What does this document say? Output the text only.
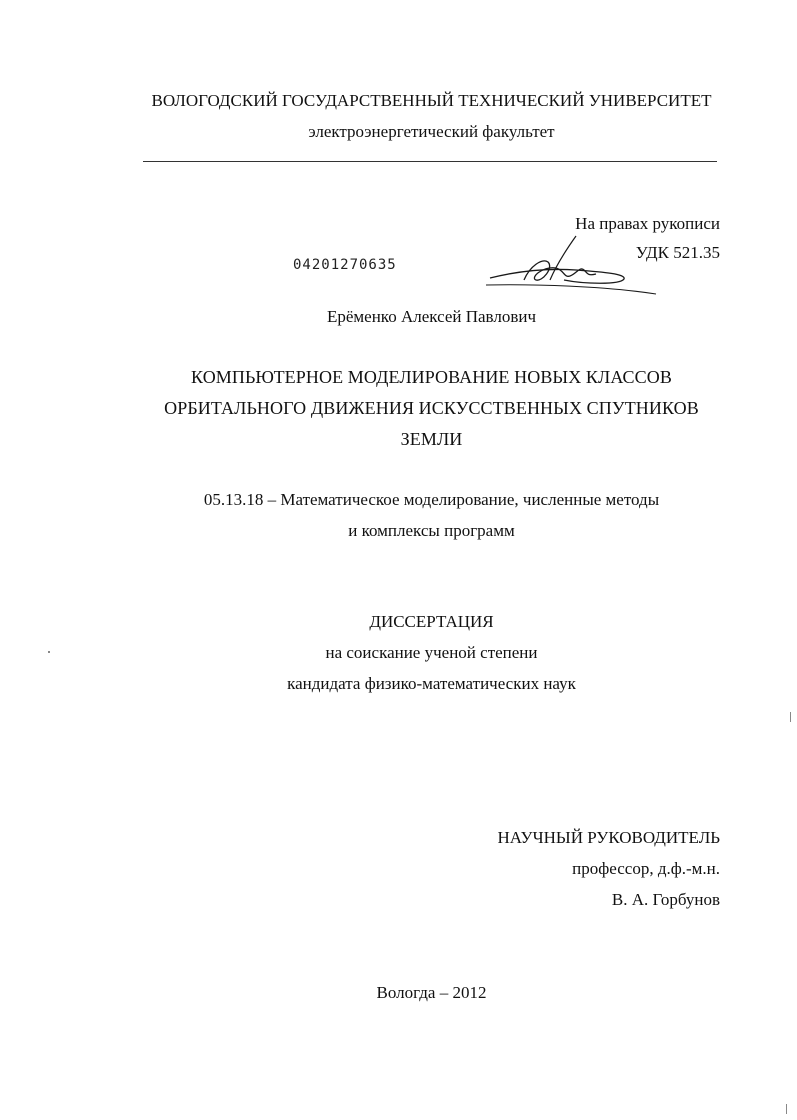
ВОЛОГОДСКИЙ ГОСУДАРСТВЕННЫЙ ТЕХНИЧЕСКИЙ УНИВЕРСИТЕТ
электроэнергетический факультет
На правах рукописи
УДК 521.35
04201270635
Ерёменко Алексей Павлович
КОМПЬЮТЕРНОЕ МОДЕЛИРОВАНИЕ НОВЫХ КЛАССОВ
ОРБИТАЛЬНОГО ДВИЖЕНИЯ ИСКУССТВЕННЫХ СПУТНИКОВ
ЗЕМЛИ
05.13.18 – Математическое моделирование, численные методы
и комплексы программ
ДИССЕРТАЦИЯ
на соискание ученой степени
кандидата физико-математических наук
НАУЧНЫЙ РУКОВОДИТЕЛЬ
профессор, д.ф.-м.н.
В. А. Горбунов
Вологда – 2012
